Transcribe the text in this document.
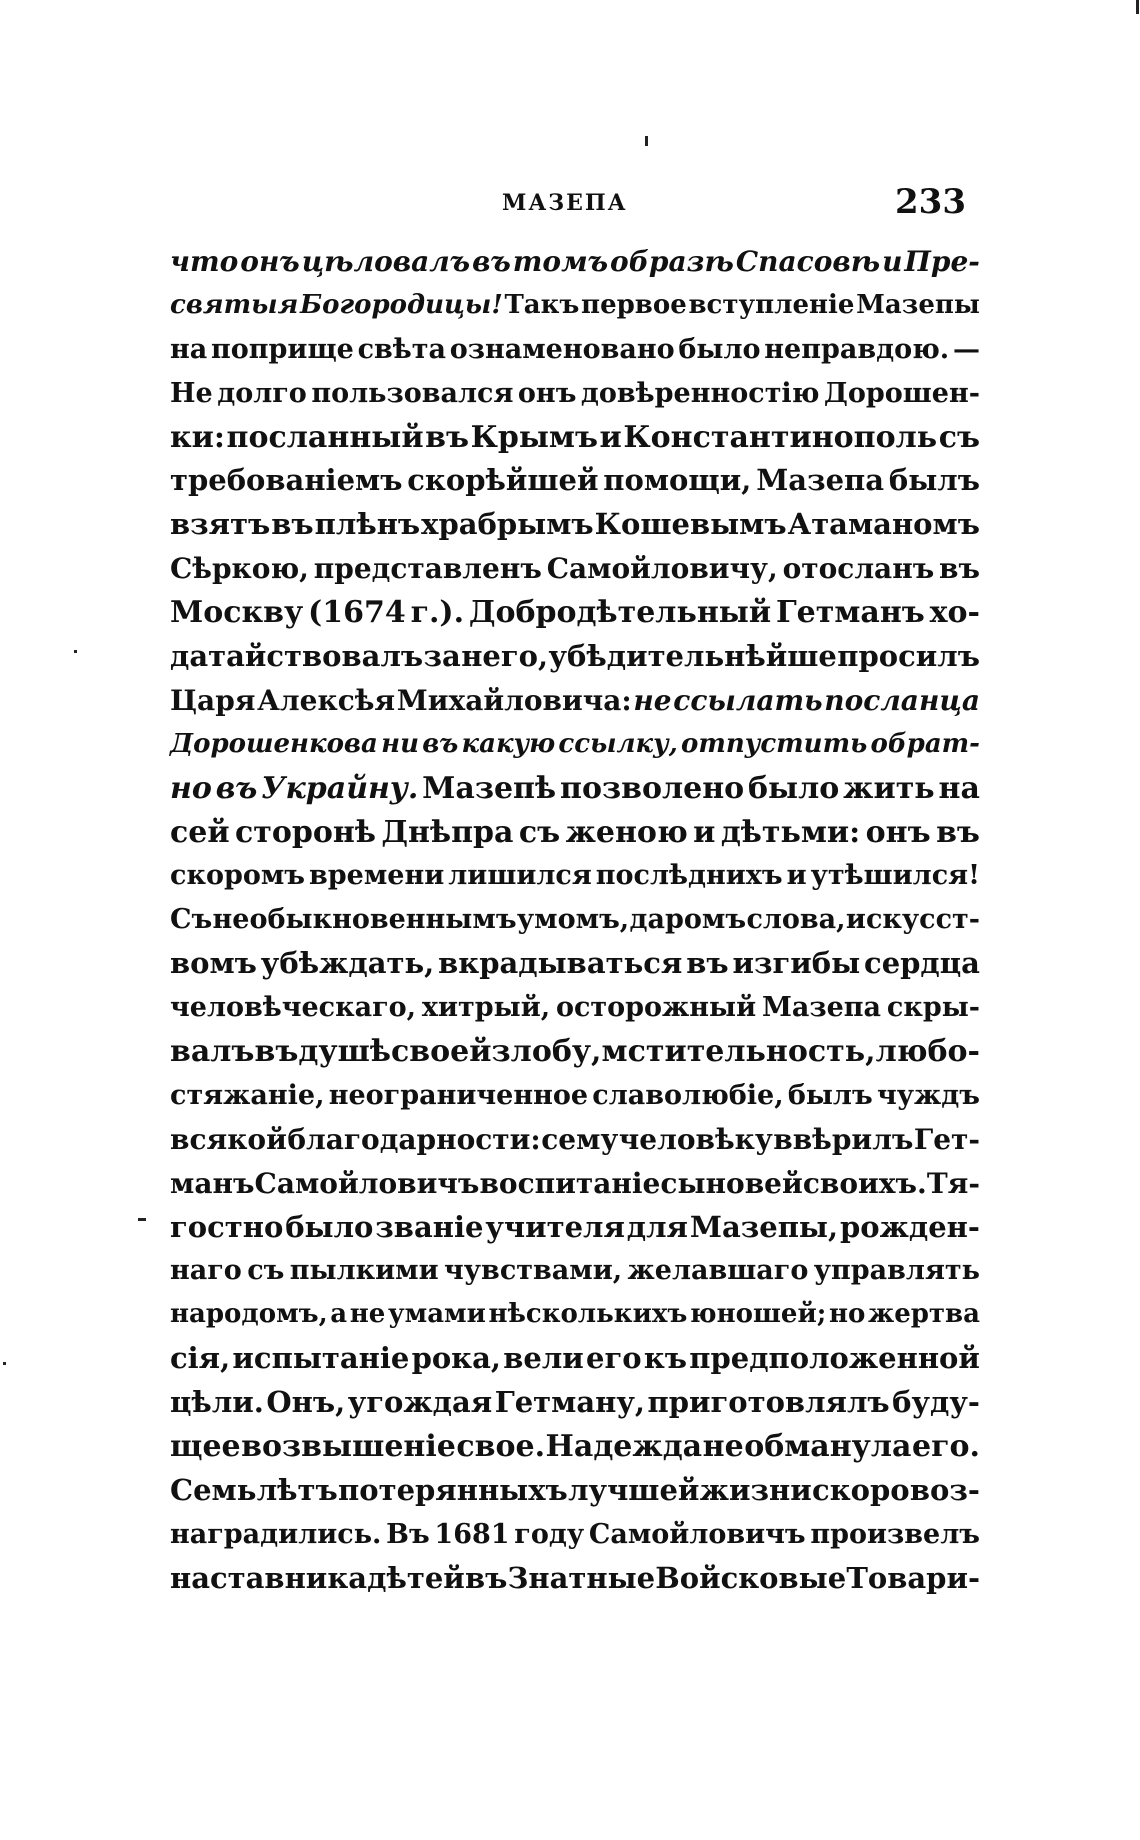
МАЗЕПА	233
что онъ цѣловалъ въ томъ образѣ Спасовѣ и Пре-
святыя Богородицы! Такъ первое вступленіе Мазепы
на поприще свѣта ознаменовано было неправдою. —
Не долго пользовался онъ довѣренностію Дорошен-
ки: посланный въ Крымъ и Константинополь съ
требованіемъ скорѣйшей помощи, Мазепа былъ
взятъ въ плѣнъ храбрымъ Кошевымъ Атаманомъ
Сѣркою, представленъ Самойловичу, отосланъ въ
Москву (1674 г.). Добродѣтельный Гетманъ хо-
датайствовалъ за него, убѣдительнѣйше просилъ
Царя Алексѣя Михайловича: не ссылать посланца
Дорошенкова ни въ какую ссылку, отпустить обрат-
но въ Украйну. Мазепѣ позволено было жить на
сей сторонѣ Днѣпра съ женою и дѣтьми: онъ въ
скоромъ времени лишился послѣднихъ и утѣшился!
Съ необыкновеннымъ умомъ, даромъ слова, искусст-
вомъ убѣждать, вкрадываться въ изгибы сердца
человѣческаго, хитрый, осторожный Мазепа скры-
валъ въ душѣ своей злобу, мстительность, любо-
стяжаніе, неограниченное славолюбіе, былъ чуждъ
всякой благодарности: сему человѣку ввѣрилъ Гет-
манъ Самойловичъ воспитаніе сыновей своихъ. Тя-
гостно было званіе учителя для Мазепы, рожден-
наго съ пылкими чувствами, желавшаго управлять
народомъ, а не умами нѣсколькихъ юношей; но жертва
сія, испытаніе рока, вели его къ предположенной
цѣли. Онъ, угождая Гетману, приготовлялъ буду-
щее возвышеніе свое. Надежда не обманула его.
Семь лѣтъ потерянныхъ лучшей жизни скоро воз-
наградились. Въ 1681 году Самойловичъ произвелъ
наставника дѣтей въ Знатные Войсковые Товари-
